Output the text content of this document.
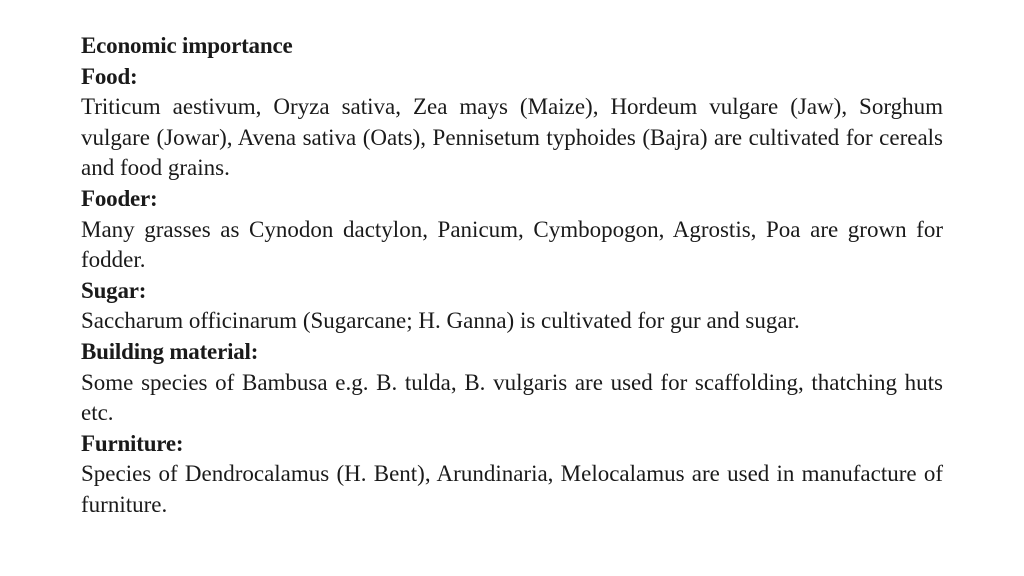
Economic importance
Food:
Triticum aestivum, Oryza sativa, Zea mays (Maize), Hordeum vulgare (Jaw), Sorghum vulgare (Jowar), Avena sativa (Oats), Pennisetum typhoides (Bajra) are cultivated for cereals and food grains.
Fooder:
Many grasses as Cynodon dactylon, Panicum, Cymbopogon, Agrostis, Poa are grown for fodder.
Sugar:
Saccharum officinarum (Sugarcane; H. Ganna) is cultivated for gur and sugar.
Building material:
Some species of Bambusa e.g. B. tulda, B. vulgaris are used for scaffolding, thatching huts etc.
Furniture:
Species of Dendrocalamus (H. Bent), Arundinaria, Melocalamus are used in manufacture of furniture.
